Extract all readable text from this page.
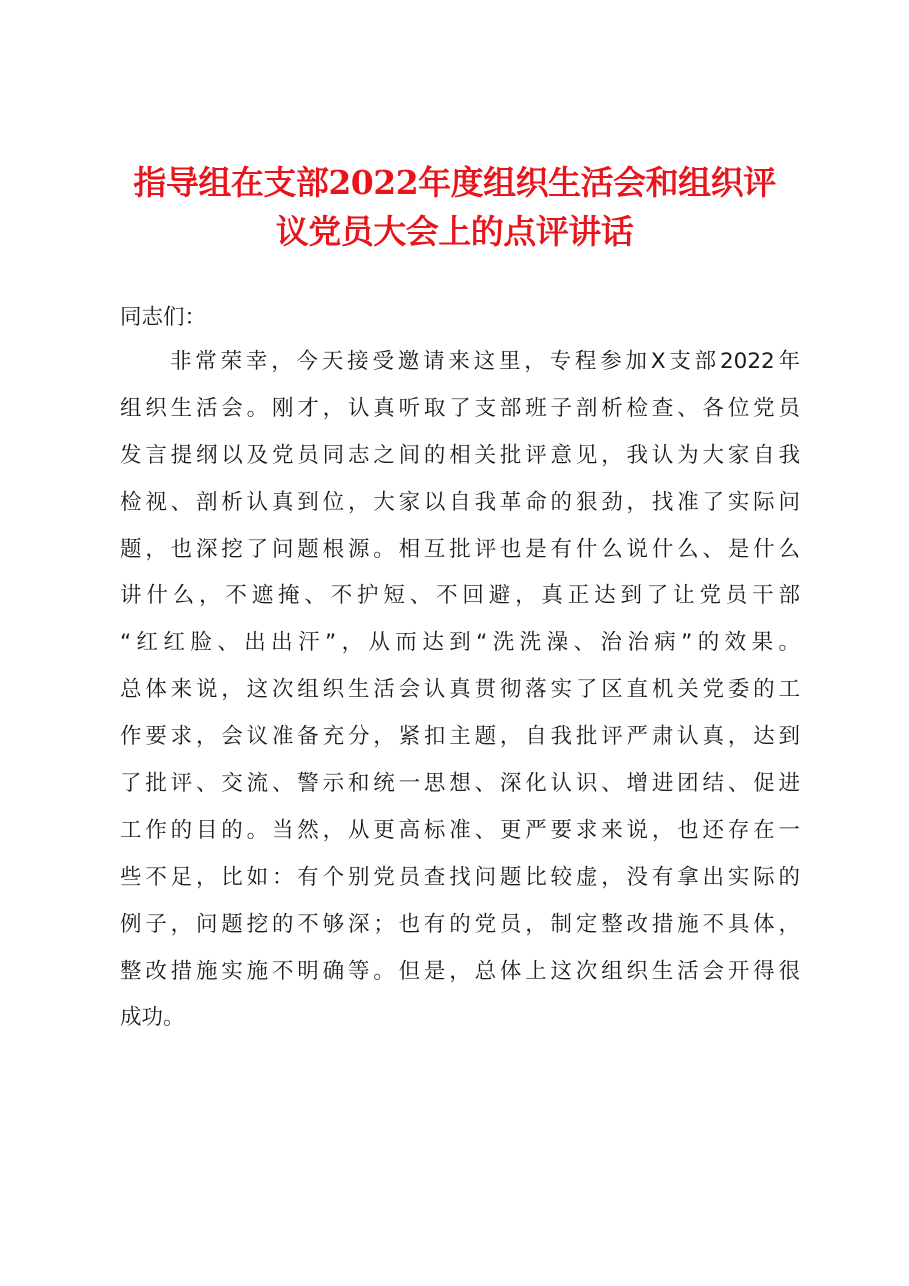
指导组在支部2022年度组织生活会和组织评
议党员大会上的点评讲话

同志们：

非常荣幸，今天接受邀请来这里，专程参加X支部2022年
组织生活会。刚才，认真听取了支部班子剖析检查、各位党员
发言提纲以及党员同志之间的相关批评意见，我认为大家自我
检视、剖析认真到位，大家以自我革命的狠劲，找准了实际问
题，也深挖了问题根源。相互批评也是有什么说什么、是什么
讲什么，不遮掩、不护短、不回避，真正达到了让党员干部
“红红脸、出出汗”，从而达到“洗洗澡、治治病”的效果。
总体来说，这次组织生活会认真贯彻落实了区直机关党委的工
作要求，会议准备充分，紧扣主题，自我批评严肃认真，达到
了批评、交流、警示和统一思想、深化认识、增进团结、促进
工作的目的。当然，从更高标准、更严要求来说，也还存在一
些不足，比如：有个别党员查找问题比较虚，没有拿出实际的
例子，问题挖的不够深；也有的党员，制定整改措施不具体，
整改措施实施不明确等。但是，总体上这次组织生活会开得很
成功。
